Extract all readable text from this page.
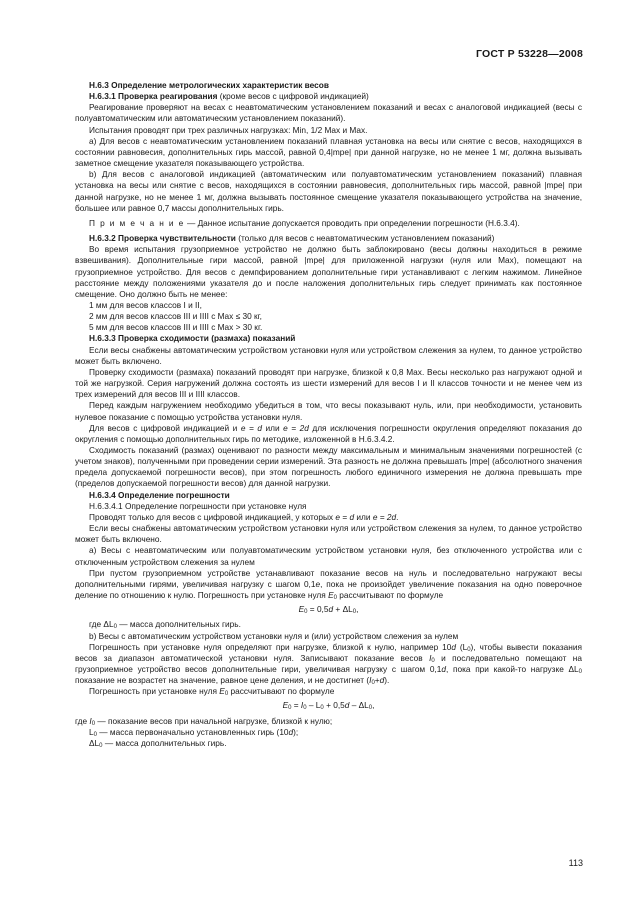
ГОСТ Р 53228—2008

Н.6.3 Определение метрологических характеристик весов

Н.6.3.1 Проверка реагирования (кроме весов с цифровой индикацией)

Реагирование проверяют на весах с неавтоматическим установлением показаний и весах с аналоговой индикацией (весы с полуавтоматическим или автоматическим установлением показаний).

Испытания проводят при трех различных нагрузках: Min, 1/2 Max и Max.

а) Для весов с неавтоматическим установлением показаний плавная установка на весы или снятие с весов, находящихся в состоянии равновесия, дополнительных гирь массой, равной 0,4|mpe| при данной нагрузке, но не менее 1 мг, должна вызывать заметное смещение указателя показывающего устройства.

b) Для весов с аналоговой индикацией (автоматическим или полуавтоматическим установлением показаний) плавная установка на весы или снятие с весов, находящихся в состоянии равновесия, дополнительных гирь массой, равной |mpe| при данной нагрузке, но не менее 1 мг, должна вызывать постоянное смещение указателя показывающего устройства на значение, большее или равное 0,7 массы дополнительных гирь.

П р и м е ч а н и е — Данное испытание допускается проводить при определении погрешности (Н.6.3.4).

Н.6.3.2 Проверка чувствительности (только для весов с неавтоматическим установлением показаний)

Во время испытания грузоприемное устройство не должно быть заблокировано (весы должны находиться в режиме взвешивания). Дополнительные гири массой, равной |mpe| для приложенной нагрузки (нуля или Max), помещают на грузоприемное устройство. Для весов с демпфированием дополнительные гири устанавливают с легким нажимом. Линейное расстояние между положениями указателя до и после наложения дополнительных гирь следует принимать как постоянное смещение. Оно должно быть не менее:

1 мм для весов классов I и II,

2 мм для весов классов III и IIII с Max ≤ 30 кг,

5 мм для весов классов III и IIII с Max > 30 кг.

Н.6.3.3 Проверка сходимости (размаха) показаний

Если весы снабжены автоматическим устройством установки нуля или устройством слежения за нулем, то данное устройство может быть включено.

Проверку сходимости (размаха) показаний проводят при нагрузке, близкой к 0,8 Max. Весы несколько раз нагружают одной и той же нагрузкой. Серия нагружений должна состоять из шести измерений для весов I и II классов точности и не менее чем из трех измерений для весов III и IIII классов.

Перед каждым нагружением необходимо убедиться в том, что весы показывают нуль, или, при необходимости, установить нулевое показание с помощью устройства установки нуля.

Для весов с цифровой индикацией и e = d или e = 2d для исключения погрешности округления определяют показания до округления с помощью дополнительных гирь по методике, изложенной в Н.6.3.4.2.

Сходимость показаний (размах) оценивают по разности между максимальным и минимальным значениями погрешностей (с учетом знаков), полученными при проведении серии измерений. Эта разность не должна превышать |mpe| (абсолютного значения предела допускаемой погрешности весов), при этом погрешность любого единичного измерения не должна превышать mpe (пределов допускаемой погрешности весов) для данной нагрузки.

Н.6.3.4 Определение погрешности

Н.6.3.4.1 Определение погрешности при установке нуля

Проводят только для весов с цифровой индикацией, у которых e = d или e = 2d.

Если весы снабжены автоматическим устройством установки нуля или устройством слежения за нулем, то данное устройство может быть включено.

а) Весы с неавтоматическим или полуавтоматическим устройством установки нуля, без отключенного устройства или с отключенным устройством слежения за нулем

При пустом грузоприемном устройстве устанавливают показание весов на нуль и последовательно нагружают весы дополнительными гирями, увеличивая нагрузку с шагом 0,1e, пока не произойдет увеличение показания на одно поверочное деление по отношению к нулю. Погрешность при установке нуля $E_0$ рассчитывают по формуле

$E_0 = 0,5d + \Delta L_0$,

где $\Delta L_0$ — масса дополнительных гирь.

b) Весы с автоматическим устройством установки нуля и (или) устройством слежения за нулем

Погрешность при установке нуля определяют при нагрузке, близкой к нулю, например 10d $(L_0)$, чтобы вывести показания весов за диапазон автоматической установки нуля. Записывают показание весов $I_0$ и последовательно помещают на грузоприемное устройство весов дополнительные гири, увеличивая нагрузку с шагом 0,1d, пока при какой-то нагрузке $\Delta L_0$ показание не возрастет на значение, равное цене деления, и не достигнет $(I_0+d)$.

Погрешность при установке нуля $E_0$ рассчитывают по формуле

$E_0 = I_0 - L_0 + 0,5d - \Delta L_0$,

где $I_0$ — показание весов при начальной нагрузке, близкой к нулю;

$L_0$ — масса первоначально установленных гирь (10d);

$\Delta L_0$ — масса дополнительных гирь.

113
